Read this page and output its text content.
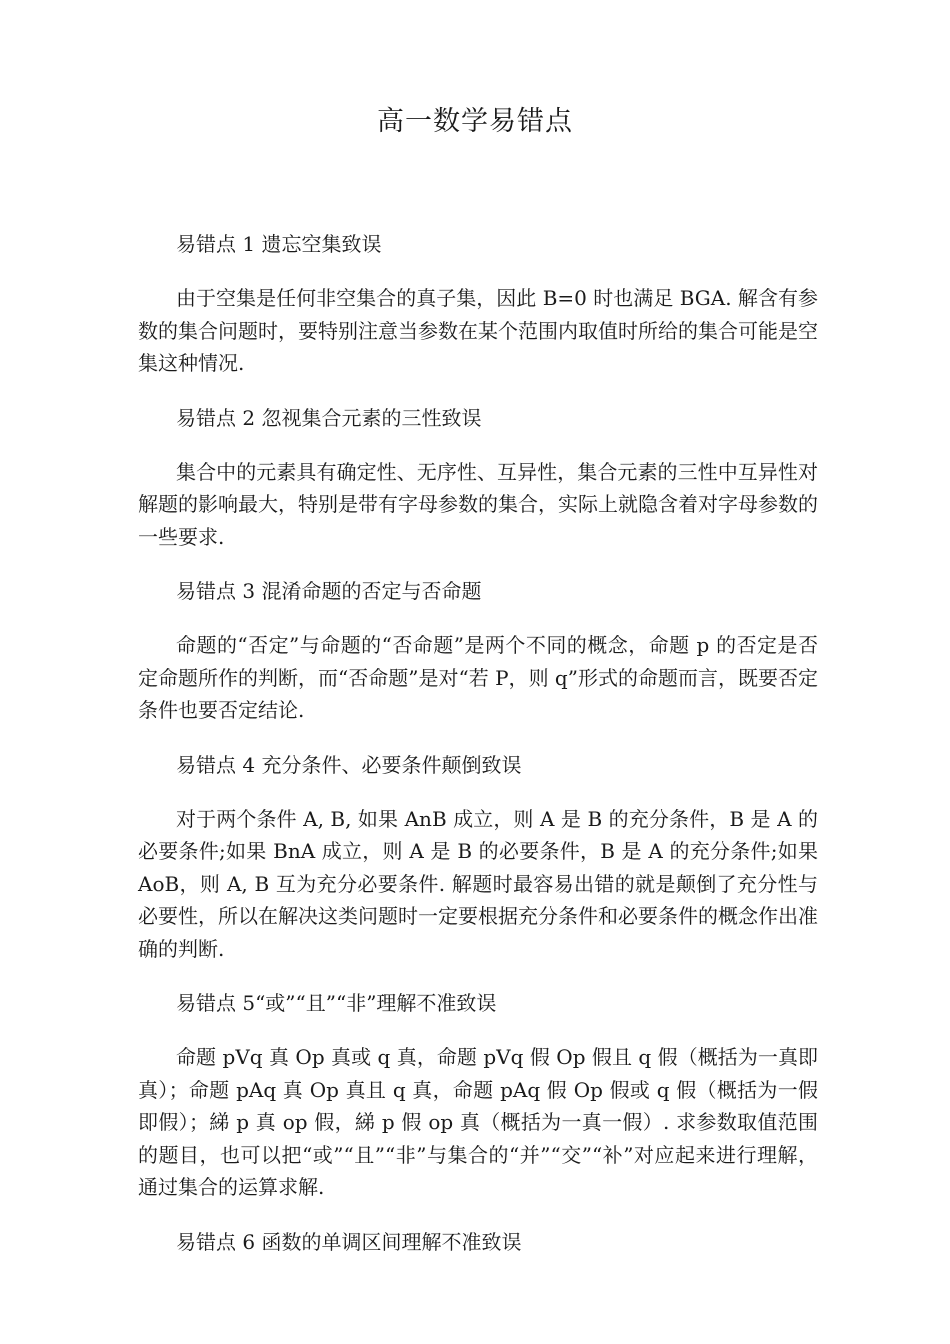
高一数学易错点

易错点 1 遗忘空集致误

由于空集是任何非空集合的真子集，因此 B=0 时也满足 BGA. 解含有参数的集合问题时，要特别注意当参数在某个范围内取值时所给的集合可能是空集这种情况.

易错点 2 忽视集合元素的三性致误

集合中的元素具有确定性、无序性、互异性，集合元素的三性中互异性对解题的影响最大，特别是带有字母参数的集合，实际上就隐含着对字母参数的一些要求.

易错点 3 混淆命题的否定与否命题

命题的“否定”与命题的“否命题”是两个不同的概念，命题 p 的否定是否定命题所作的判断，而“否命题”是对“若 P，则 q”形式的命题而言，既要否定条件也要否定结论.

易错点 4 充分条件、必要条件颠倒致误

对于两个条件 A, B, 如果 AnB 成立，则 A 是 B 的充分条件，B 是 A 的必要条件;如果 BnA 成立，则 A 是 B 的必要条件，B 是 A 的充分条件;如果 AoB，则 A, B 互为充分必要条件. 解题时最容易出错的就是颠倒了充分性与必要性，所以在解决这类问题时一定要根据充分条件和必要条件的概念作出准确的判断.

易错点 5“或”“且”“非”理解不准致误

命题 pVq 真 Op 真或 q 真，命题 pVq 假 Op 假且 q 假（概括为一真即真）；命题 pAq 真 Op 真且 q 真，命题 pAq 假 Op 假或 q 假（概括为一假即假）；綈 p 真 op 假，綈 p 假 op 真（概括为一真一假）. 求参数取值范围的题目，也可以把“或”“且”“非”与集合的“并”“交”“补”对应起来进行理解，通过集合的运算求解.

易错点 6 函数的单调区间理解不准致误
